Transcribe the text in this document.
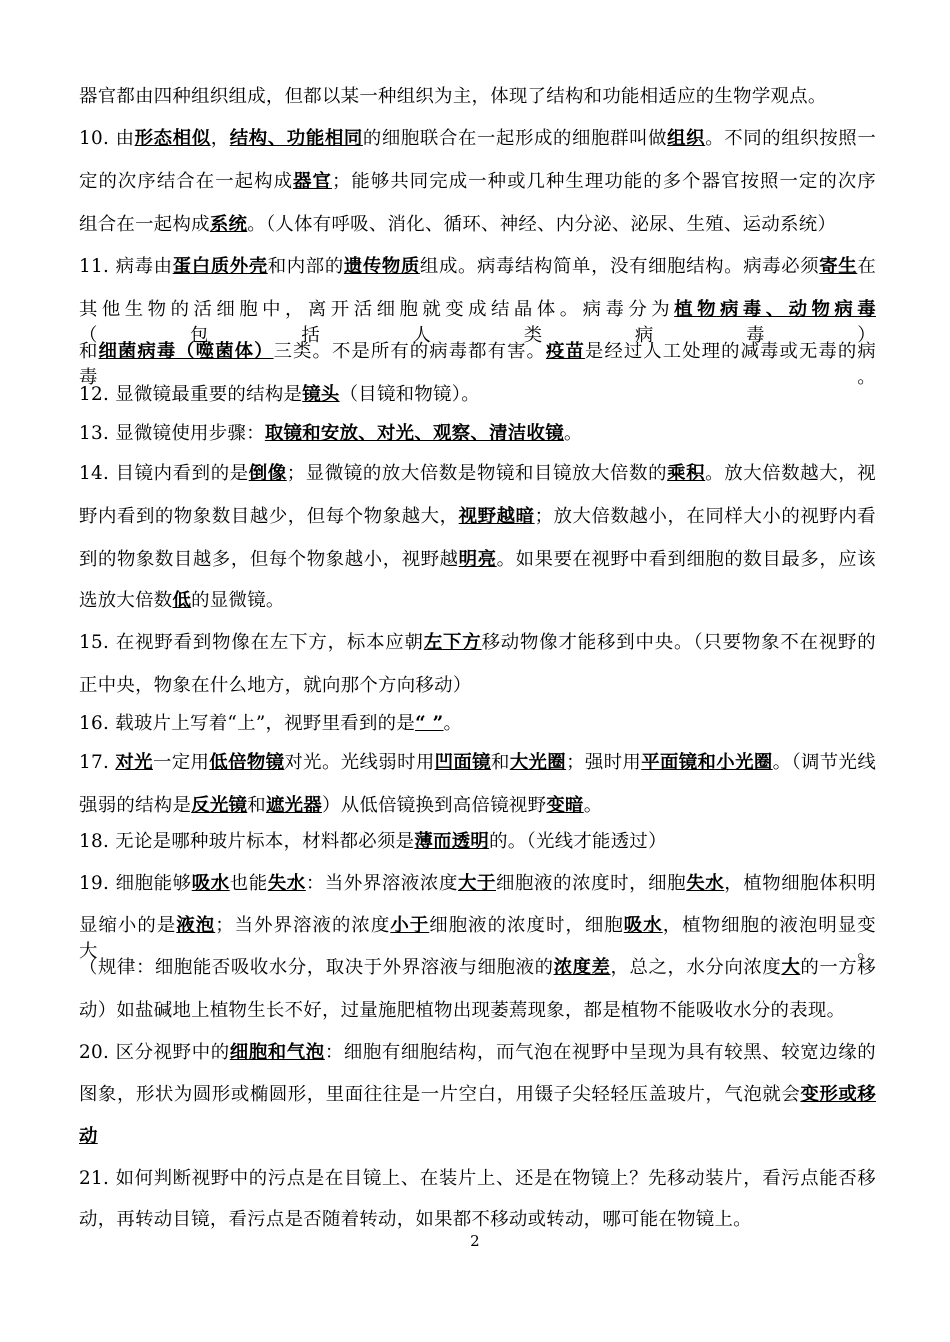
器官都由四种组织组成，但都以某一种组织为主，体现了结构和功能相适应的生物学观点。
10. 由形态相似，结构、功能相同的细胞联合在一起形成的细胞群叫做组织。不同的组织按照一
定的次序结合在一起构成器官；能够共同完成一种或几种生理功能的多个器官按照一定的次序
组合在一起构成系统。（人体有呼吸、消化、循环、神经、内分泌、泌尿、生殖、运动系统）
11. 病毒由蛋白质外壳和内部的遗传物质组成。病毒结构简单，没有细胞结构。病毒必须寄生在
其他生物的活细胞中，离开活细胞就变成结晶体。病毒分为植物病毒、动物病毒（包括人类病毒）
和细菌病毒（噬菌体）三类。不是所有的病毒都有害。疫苗是经过人工处理的减毒或无毒的病毒。
12. 显微镜最重要的结构是镜头（目镜和物镜）。
13. 显微镜使用步骤：取镜和安放、对光、观察、清洁收镜。
14. 目镜内看到的是倒像；显微镜的放大倍数是物镜和目镜放大倍数的乘积。放大倍数越大，视
野内看到的物象数目越少，但每个物象越大，视野越暗；放大倍数越小，在同样大小的视野内看
到的物象数目越多，但每个物象越小，视野越明亮。如果要在视野中看到细胞的数目最多，应该
选放大倍数低的显微镜。
15. 在视野看到物像在左下方，标本应朝左下方移动物像才能移到中央。（只要物象不在视野的
正中央，物象在什么地方，就向那个方向移动）
16. 载玻片上写着“上”，视野里看到的是“ ”。
17. 对光一定用低倍物镜对光。光线弱时用凹面镜和大光圈；强时用平面镜和小光圈。（调节光线
强弱的结构是反光镜和遮光器）从低倍镜换到高倍镜视野变暗。
18. 无论是哪种玻片标本，材料都必须是薄而透明的。（光线才能透过）
19. 细胞能够吸水也能失水：当外界溶液浓度大于细胞液的浓度时，细胞失水，植物细胞体积明
显缩小的是液泡；当外界溶液的浓度小于细胞液的浓度时，细胞吸水，植物细胞的液泡明显变大。
（规律：细胞能否吸收水分，取决于外界溶液与细胞液的浓度差，总之，水分向浓度大的一方移
动）如盐碱地上植物生长不好，过量施肥植物出现萎蔫现象，都是植物不能吸收水分的表现。
20. 区分视野中的细胞和气泡：细胞有细胞结构，而气泡在视野中呈现为具有较黑、较宽边缘的
图象，形状为圆形或椭圆形，里面往往是一片空白，用镊子尖轻轻压盖玻片，气泡就会变形或移
动
21. 如何判断视野中的污点是在目镜上、在装片上、还是在物镜上？先移动装片，看污点能否移
动，再转动目镜，看污点是否随着转动，如果都不移动或转动，哪可能在物镜上。
2
